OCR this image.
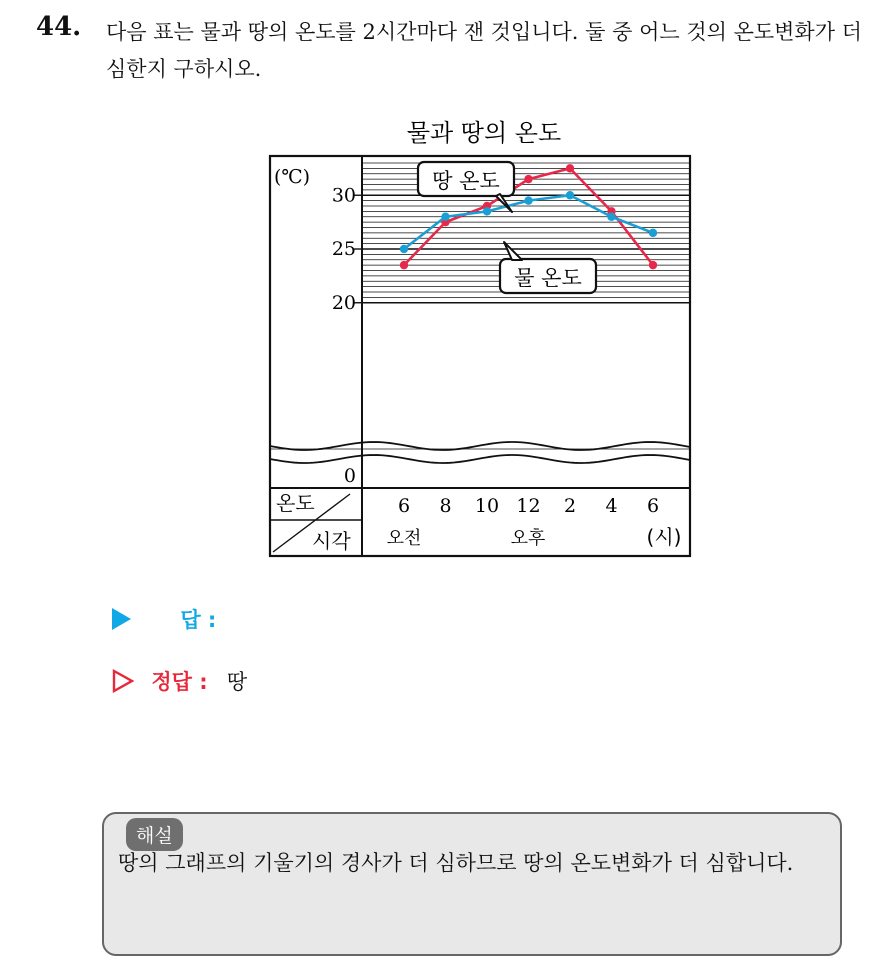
44. 다음 표는 물과 땅의 온도를 2시간마다 잰 것입니다. 둘 중 어느 것의 온도변화가 더 심한지 구하시오.
물과 땅의 온도
(℃)
30
25
20
0
온도
시각
6 8 10 12 2 4 6
오전	오후	(시)
땅 온도
물 온도
답 :
정답 : 땅
해설
땅의 그래프의 기울기의 경사가 더 심하므로 땅의 온도변화가 더 심합니다.
